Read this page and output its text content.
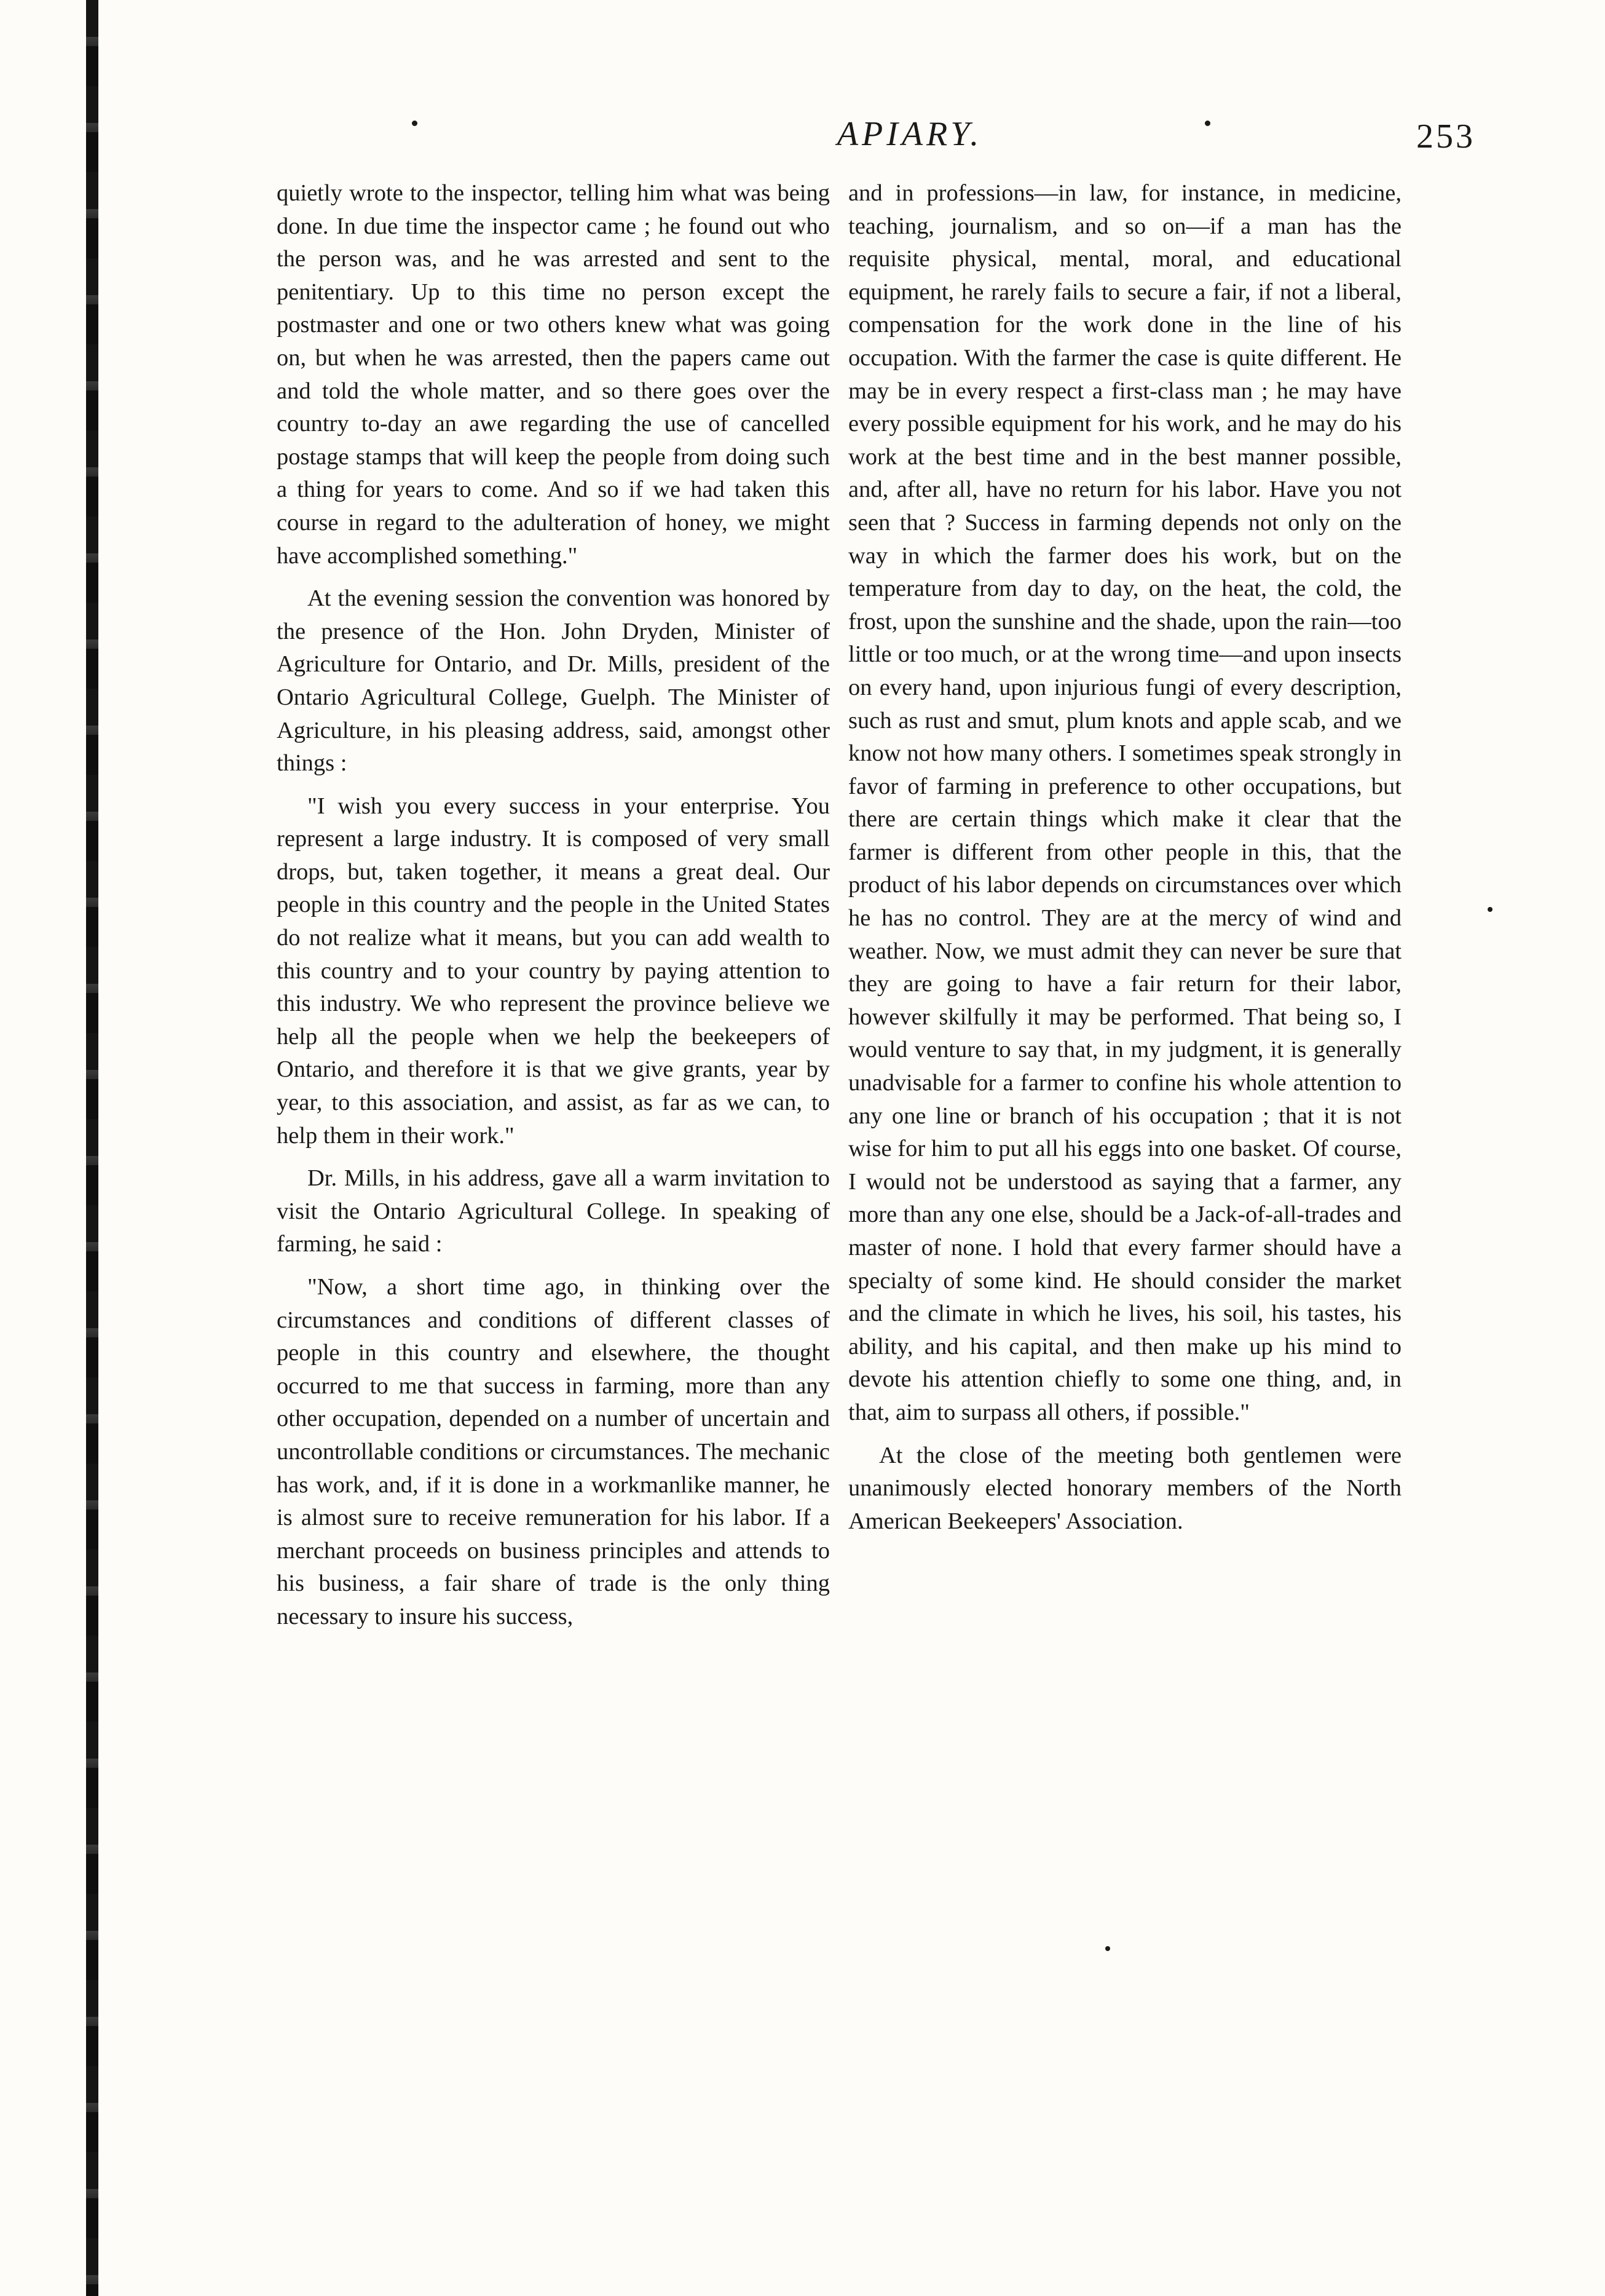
APIARY.	253

quietly wrote to the inspector, telling him what was being done. In due time the inspector came ; he found out who the person was, and he was arrested and sent to the penitentiary. Up to this time no person except the postmaster and one or two others knew what was going on, but when he was arrested, then the papers came out and told the whole matter, and so there goes over the country to-day an awe regarding the use of cancelled postage stamps that will keep the people from doing such a thing for years to come. And so if we had taken this course in regard to the adulteration of honey, we might have accomplished something."

At the evening session the convention was honored by the presence of the Hon. John Dryden, Minister of Agriculture for Ontario, and Dr. Mills, president of the Ontario Agricultural College, Guelph. The Minister of Agriculture, in his pleasing address, said, amongst other things :

"I wish you every success in your enterprise. You represent a large industry. It is composed of very small drops, but, taken together, it means a great deal. Our people in this country and the people in the United States do not realize what it means, but you can add wealth to this country and to your country by paying attention to this industry. We who represent the province believe we help all the people when we help the beekeepers of Ontario, and therefore it is that we give grants, year by year, to this association, and assist, as far as we can, to help them in their work."

Dr. Mills, in his address, gave all a warm invitation to visit the Ontario Agricultural College. In speaking of farming, he said :

"Now, a short time ago, in thinking over the circumstances and conditions of different classes of people in this country and elsewhere, the thought occurred to me that success in farming, more than any other occupation, depended on a number of uncertain and uncontrollable conditions or circumstances. The mechanic has work, and, if it is done in a workmanlike manner, he is almost sure to receive remuneration for his labor. If a merchant proceeds on business principles and attends to his business, a fair share of trade is the only thing necessary to insure his success,

and in professions—in law, for instance, in medicine, teaching, journalism, and so on—if a man has the requisite physical, mental, moral, and educational equipment, he rarely fails to secure a fair, if not a liberal, compensation for the work done in the line of his occupation. With the farmer the case is quite different. He may be in every respect a first-class man ; he may have every possible equipment for his work, and he may do his work at the best time and in the best manner possible, and, after all, have no return for his labor. Have you not seen that ? Success in farming depends not only on the way in which the farmer does his work, but on the temperature from day to day, on the heat, the cold, the frost, upon the sunshine and the shade, upon the rain—too little or too much, or at the wrong time—and upon insects on every hand, upon injurious fungi of every description, such as rust and smut, plum knots and apple scab, and we know not how many others. I sometimes speak strongly in favor of farming in preference to other occupations, but there are certain things which make it clear that the farmer is different from other people in this, that the product of his labor depends on circumstances over which he has no control. They are at the mercy of wind and weather. Now, we must admit they can never be sure that they are going to have a fair return for their labor, however skilfully it may be performed. That being so, I would venture to say that, in my judgment, it is generally unadvisable for a farmer to confine his whole attention to any one line or branch of his occupation ; that it is not wise for him to put all his eggs into one basket. Of course, I would not be understood as saying that a farmer, any more than any one else, should be a Jack-of-all-trades and master of none. I hold that every farmer should have a specialty of some kind. He should consider the market and the climate in which he lives, his soil, his tastes, his ability, and his capital, and then make up his mind to devote his attention chiefly to some one thing, and, in that, aim to surpass all others, if possible."

At the close of the meeting both gentlemen were unanimously elected honorary members of the North American Beekeepers' Association.
